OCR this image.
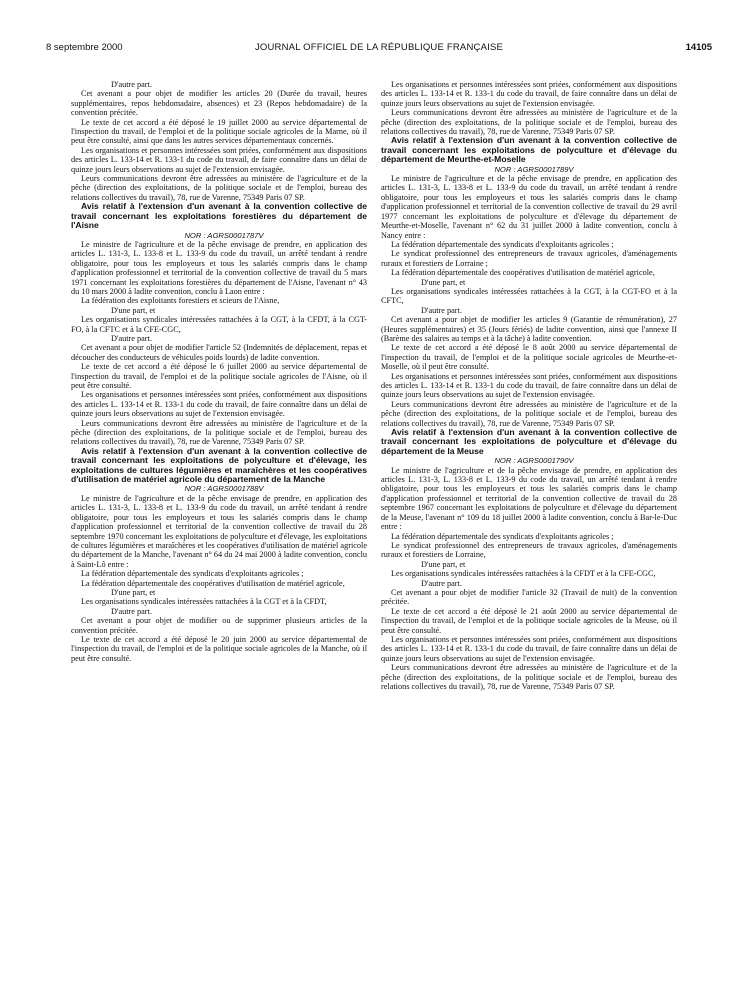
8 septembre 2000	JOURNAL OFFICIEL DE LA RÉPUBLIQUE FRANÇAISE	14105

D'autre part.

Cet avenant a pour objet de modifier les articles 20 (Durée du travail, heures supplémentaires, repos hebdomadaire, absences) et 23 (Repos hebdomadaire) de la convention précitée.

Le texte de cet accord a été déposé le 19 juillet 2000 au service départemental de l'inspection du travail, de l'emploi et de la politique sociale agricoles de la Marne, où il peut être consulté, ainsi que dans les autres services départementaux concernés.

Les organisations et personnes intéressées sont priées, conformément aux dispositions des articles L. 133-14 et R. 133-1 du code du travail, de faire connaître dans un délai de quinze jours leurs observations au sujet de l'extension envisagée.

Leurs communications devront être adressées au ministère de l'agriculture et de la pêche (direction des exploitations, de la politique sociale et de l'emploi, bureau des relations collectives du travail), 78, rue de Varenne, 75349 Paris 07 SP.

Avis relatif à l'extension d'un avenant à la convention collective de travail concernant les exploitations forestières du département de l'Aisne

NOR : AGRS0001787V

Le ministre de l'agriculture et de la pêche envisage de prendre, en application des articles L. 131-3, L. 133-8 et L. 133-9 du code du travail, un arrêté tendant à rendre obligatoire, pour tous les employeurs et tous les salariés compris dans le champ d'application professionnel et territorial de la convention collective de travail du 5 mars 1971 concernant les exploitations forestières du département de l'Aisne, l'avenant n° 43 du 10 mars 2000 à ladite convention, conclu à Laon entre :

La fédération des exploitants forestiers et scieurs de l'Aisne,

D'une part, et

Les organisations syndicales intéressées rattachées à la CGT, à la CFDT, à la CGT-FO, à la CFTC et à la CFE-CGC,

D'autre part.

Cet avenant a pour objet de modifier l'article 52 (Indemnités de déplacement, repas et découcher des conducteurs de véhicules poids lourds) de ladite convention.

Le texte de cet accord a été déposé le 6 juillet 2000 au service départemental de l'inspection du travail, de l'emploi et de la politique sociale agricoles de l'Aisne, où il peut être consulté.

Les organisations et personnes intéressées sont priées, conformément aux dispositions des articles L. 133-14 et R. 133-1 du code du travail, de faire connaître dans un délai de quinze jours leurs observations au sujet de l'extension envisagée.

Leurs communications devront être adressées au ministère de l'agriculture et de la pêche (direction des exploitations, de la politique sociale et de l'emploi, bureau des relations collectives du travail), 78, rue de Varenne, 75349 Paris 07 SP.

Avis relatif à l'extension d'un avenant à la convention collective de travail concernant les exploitations de polyculture et d'élevage, les exploitations de cultures légumières et maraîchères et les coopératives d'utilisation de matériel agricole du département de la Manche

NOR : AGRS0001788V

Le ministre de l'agriculture et de la pêche envisage de prendre, en application des articles L. 131-3, L. 133-8 et L. 133-9 du code du travail, un arrêté tendant à rendre obligatoire, pour tous les employeurs et tous les salariés compris dans le champ d'application professionnel et territorial de la convention collective de travail du 28 septembre 1970 concernant les exploitations de polyculture et d'élevage, les exploitations de cultures légumières et maraîchères et les coopératives d'utilisation de matériel agricole du département de la Manche, l'avenant n° 64 du 24 mai 2000 à ladite convention, conclu à Saint-Lô entre :

La fédération départementale des syndicats d'exploitants agricoles ;

La fédération départementale des coopératives d'utilisation de matériel agricole,

D'une part, et

Les organisations syndicales intéressées rattachées à la CGT et à la CFDT,

D'autre part.

Cet avenant a pour objet de modifier ou de supprimer plusieurs articles de la convention précitée.

Le texte de cet accord a été déposé le 20 juin 2000 au service départemental de l'inspection du travail, de l'emploi et de la politique sociale agricoles de la Manche, où il peut être consulté.

Les organisations et personnes intéressées sont priées, conformément aux dispositions des articles L. 133-14 et R. 133-1 du code du travail, de faire connaître dans un délai de quinze jours leurs observations au sujet de l'extension envisagée.

Leurs communications devront être adressées au ministère de l'agriculture et de la pêche (direction des exploitations, de la politique sociale et de l'emploi, bureau des relations collectives du travail), 78, rue de Varenne, 75349 Paris 07 SP.

Avis relatif à l'extension d'un avenant à la convention collective de travail concernant les exploitations de polyculture et d'élevage du département de Meurthe-et-Moselle

NOR : AGRS0001789V

Le ministre de l'agriculture et de la pêche envisage de prendre, en application des articles L. 131-3, L. 133-8 et L. 133-9 du code du travail, un arrêté tendant à rendre obligatoire, pour tous les employeurs et tous les salariés compris dans le champ d'application professionnel et territorial de la convention collective de travail du 29 avril 1977 concernant les exploitations de polyculture et d'élevage du département de Meurthe-et-Moselle, l'avenant n° 62 du 31 juillet 2000 à ladite convention, conclu à Nancy entre :

La fédération départementale des syndicats d'exploitants agricoles ;

Le syndicat professionnel des entrepreneurs de travaux agricoles, d'aménagements ruraux et forestiers de Lorraine ;

La fédération départementale des coopératives d'utilisation de matériel agricole,

D'une part, et

Les organisations syndicales intéressées rattachées à la CGT, à la CGT-FO et à la CFTC,

D'autre part.

Cet avenant a pour objet de modifier les articles 9 (Garantie de rémunération), 27 (Heures supplémentaires) et 35 (Jours fériés) de ladite convention, ainsi que l'annexe II (Barème des salaires au temps et à la tâche) à ladite convention.

Le texte de cet accord a été déposé le 8 août 2000 au service départemental de l'inspection du travail, de l'emploi et de la politique sociale agricoles de Meurthe-et-Moselle, où il peut être consulté.

Les organisations et personnes intéressées sont priées, conformément aux dispositions des articles L. 133-14 et R. 133-1 du code du travail, de faire connaître dans un délai de quinze jours leurs observations au sujet de l'extension envisagée.

Leurs communications devront être adressées au ministère de l'agriculture et de la pêche (direction des exploitations, de la politique sociale et de l'emploi, bureau des relations collectives du travail), 78, rue de Varenne, 75349 Paris 07 SP.

Avis relatif à l'extension d'un avenant à la convention collective de travail concernant les exploitations de polyculture et d'élevage du département de la Meuse

NOR : AGRS0001790V

Le ministre de l'agriculture et de la pêche envisage de prendre, en application des articles L. 131-3, L. 133-8 et L. 133-9 du code du travail, un arrêté tendant à rendre obligatoire, pour tous les employeurs et tous les salariés compris dans le champ d'application professionnel et territorial de la convention collective de travail du 28 septembre 1967 concernant les exploitations de polyculture et d'élevage du département de la Meuse, l'avenant n° 109 du 18 juillet 2000 à ladite convention, conclu à Bar-le-Duc entre :

La fédération départementale des syndicats d'exploitants agricoles ;

Le syndicat professionnel des entrepreneurs de travaux agricoles, d'aménagements ruraux et forestiers de Lorraine,

D'une part, et

Les organisations syndicales intéressées rattachées à la CFDT et à la CFE-CGC,

D'autre part.

Cet avenant a pour objet de modifier l'article 32 (Travail de nuit) de la convention précitée.

Le texte de cet accord a été déposé le 21 août 2000 au service départemental de l'inspection du travail, de l'emploi et de la politique sociale agricoles de la Meuse, où il peut être consulté.

Les organisations et personnes intéressées sont priées, conformément aux dispositions des articles L. 133-14 et R. 133-1 du code du travail, de faire connaître dans un délai de quinze jours leurs observations au sujet de l'extension envisagée.

Leurs communications devront être adressées au ministère de l'agriculture et de la pêche (direction des exploitations, de la politique sociale et de l'emploi, bureau des relations collectives du travail), 78, rue de Varenne, 75349 Paris 07 SP.
